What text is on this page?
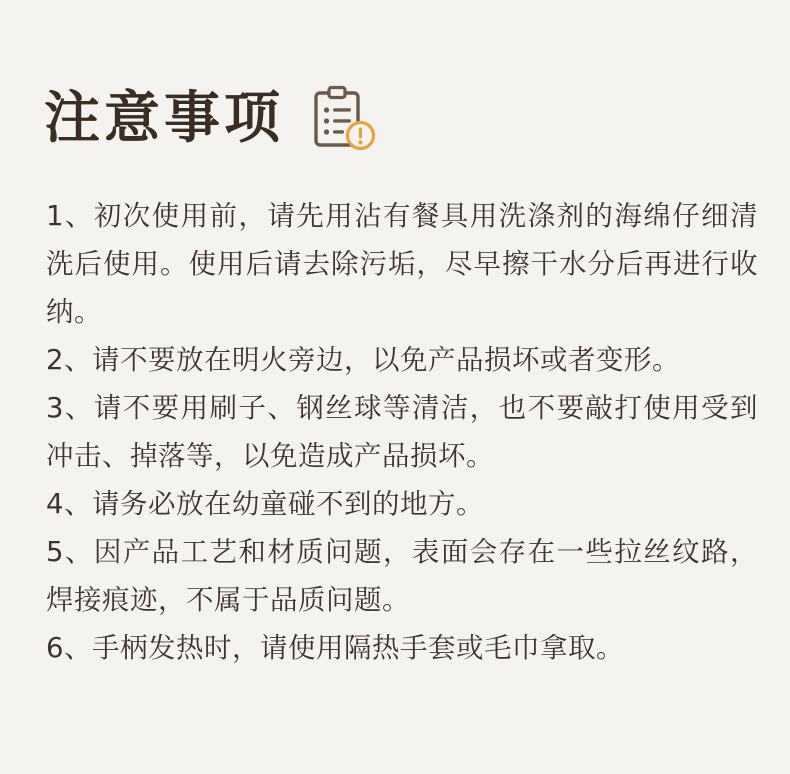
注意事项
1、初次使用前，请先用沾有餐具用洗涤剂的海绵仔细清洗后使用。使用后请去除污垢，尽早擦干水分后再进行收纳。
2、请不要放在明火旁边，以免产品损坏或者变形。
3、请不要用刷子、钢丝球等清洁，也不要敲打使用受到冲击、掉落等，以免造成产品损坏。
4、请务必放在幼童碰不到的地方。
5、因产品工艺和材质问题，表面会存在一些拉丝纹路，焊接痕迹，不属于品质问题。
6、手柄发热时，请使用隔热手套或毛巾拿取。
